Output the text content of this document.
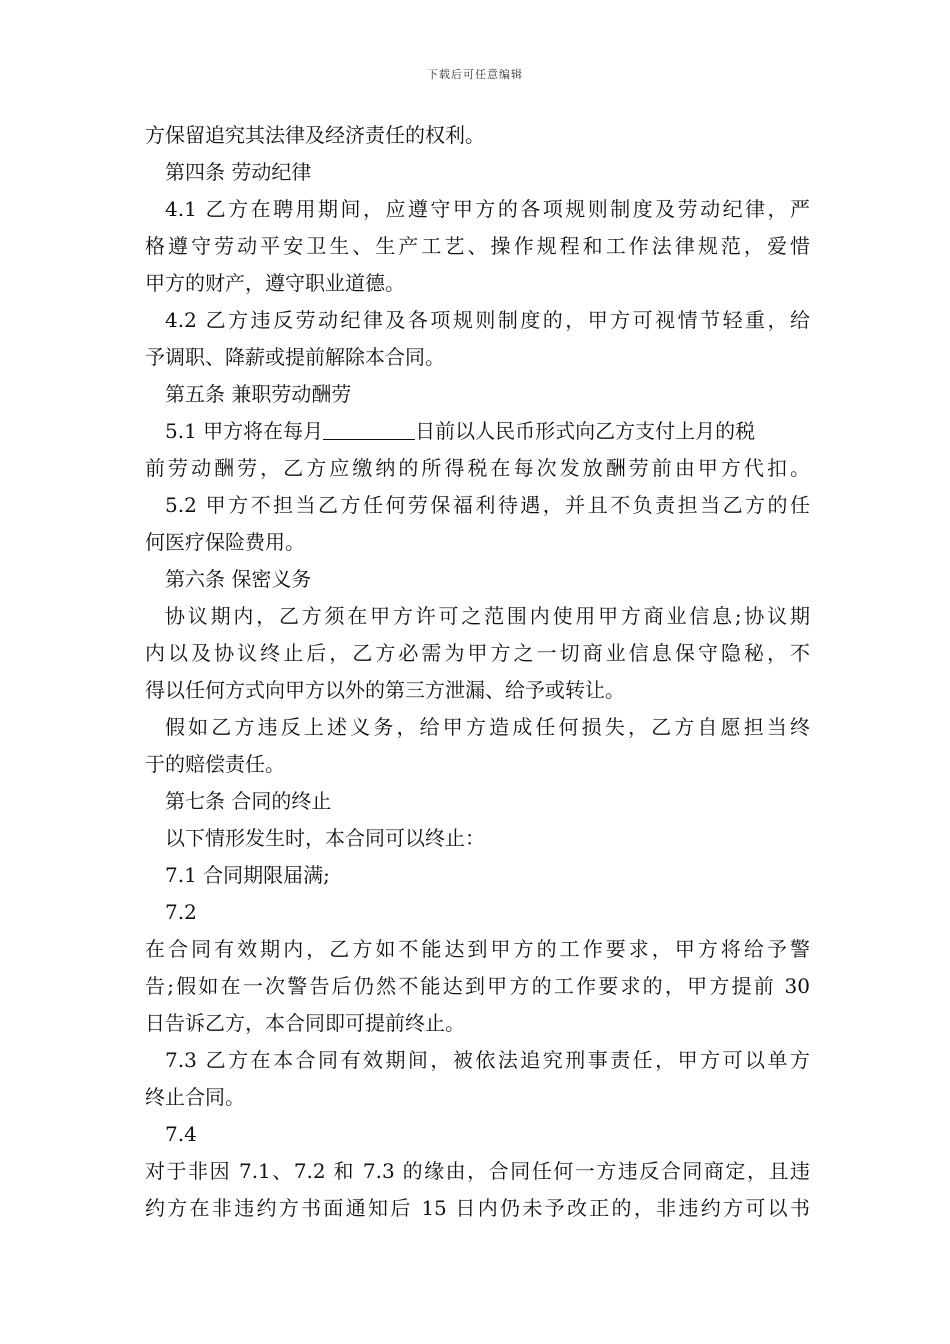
下载后可任意编辑
方保留追究其法律及经济责任的权利。
第四条 劳动纪律
4.1 乙方在聘用期间，应遵守甲方的各项规则制度及劳动纪律，严
格遵守劳动平安卫生、生产工艺、操作规程和工作法律规范，爱惜
甲方的财产，遵守职业道德。
4.2 乙方违反劳动纪律及各项规则制度的，甲方可视情节轻重，给
予调职、降薪或提前解除本合同。
第五条 兼职劳动酬劳
5.1 甲方将在每月	日前以人民币形式向乙方支付上月的税
前劳动酬劳，乙方应缴纳的所得税在每次发放酬劳前由甲方代扣。
5.2 甲方不担当乙方任何劳保福利待遇，并且不负责担当乙方的任
何医疗保险费用。
第六条 保密义务
协议期内，乙方须在甲方许可之范围内使用甲方商业信息;协议期
内以及协议终止后，乙方必需为甲方之一切商业信息保守隐秘，不
得以任何方式向甲方以外的第三方泄漏、给予或转让。
假如乙方违反上述义务，给甲方造成任何损失，乙方自愿担当终
于的赔偿责任。
第七条 合同的终止
以下情形发生时，本合同可以终止：
7.1 合同期限届满;
7.2
在合同有效期内，乙方如不能达到甲方的工作要求，甲方将给予警
告;假如在一次警告后仍然不能达到甲方的工作要求的，甲方提前 30
日告诉乙方，本合同即可提前终止。
7.3 乙方在本合同有效期间，被依法追究刑事责任，甲方可以单方
终止合同。
7.4
对于非因 7.1、7.2 和 7.3 的缘由，合同任何一方违反合同商定，且违
约方在非违约方书面通知后 15 日内仍未予改正的，非违约方可以书
